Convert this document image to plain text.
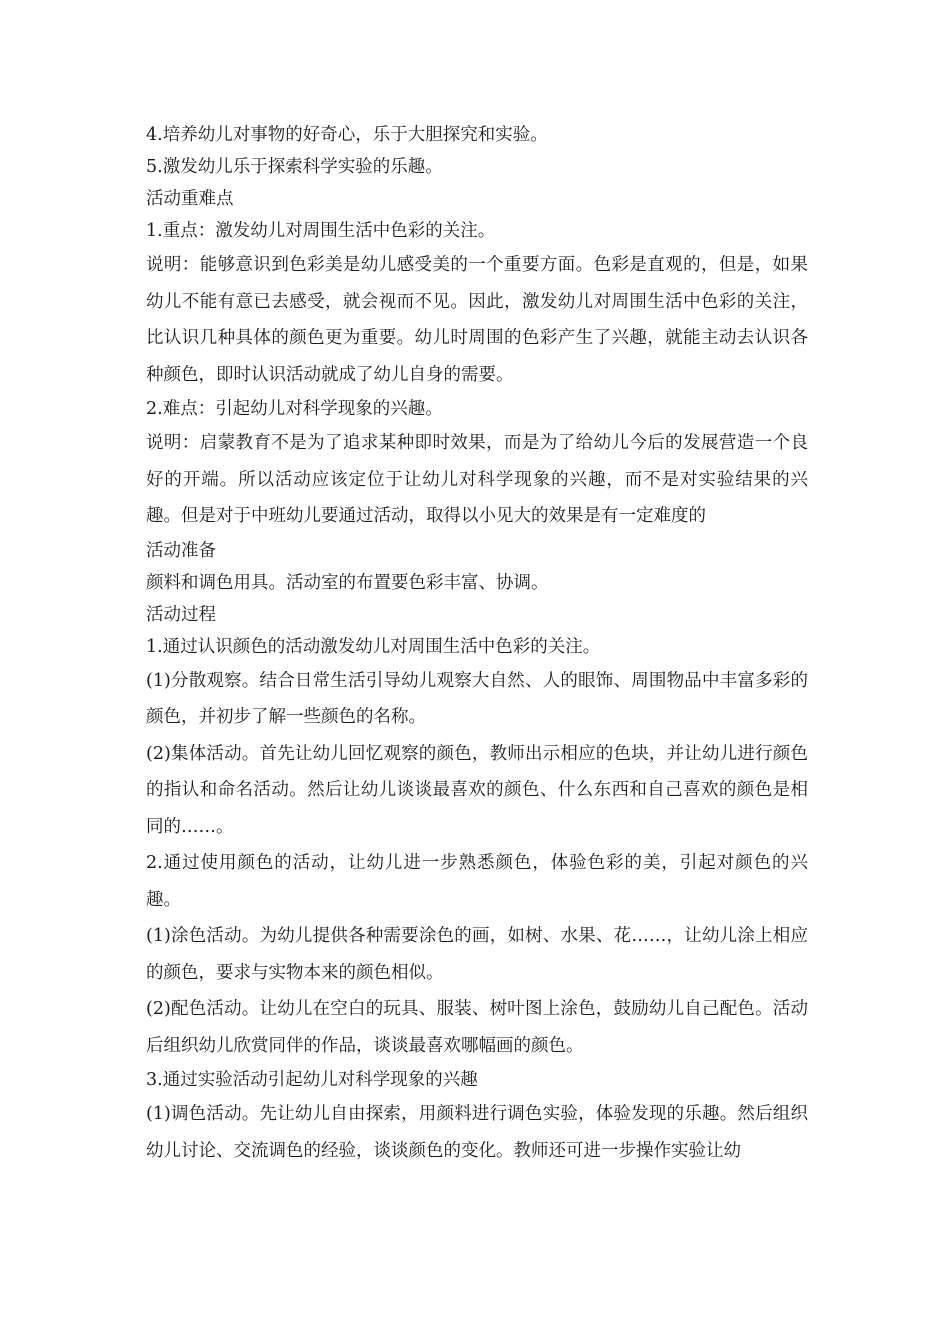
4.培养幼儿对事物的好奇心，乐于大胆探究和实验。

5.激发幼儿乐于探索科学实验的乐趣。

活动重难点

1.重点：激发幼儿对周围生活中色彩的关注。

说明：能够意识到色彩美是幼儿感受美的一个重要方面。色彩是直观的，但是，如果幼儿不能有意已去感受，就会视而不见。因此，激发幼儿对周围生活中色彩的关注，比认识几种具体的颜色更为重要。幼儿时周围的色彩产生了兴趣，就能主动去认识各种颜色，即时认识活动就成了幼儿自身的需要。

2.难点：引起幼儿对科学现象的兴趣。

说明：启蒙教育不是为了追求某种即时效果，而是为了给幼儿今后的发展营造一个良好的开端。所以活动应该定位于让幼儿对科学现象的兴趣，而不是对实验结果的兴趣。但是对于中班幼儿要通过活动，取得以小见大的效果是有一定难度的

活动准备

颜料和调色用具。活动室的布置要色彩丰富、协调。

活动过程

1.通过认识颜色的活动激发幼儿对周围生活中色彩的关注。

(1)分散观察。结合日常生活引导幼儿观察大自然、人的眼饰、周围物品中丰富多彩的颜色，并初步了解一些颜色的名称。

(2)集体活动。首先让幼儿回忆观察的颜色，教师出示相应的色块，并让幼儿进行颜色的指认和命名活动。然后让幼儿谈谈最喜欢的颜色、什么东西和自己喜欢的颜色是相同的……。

2.通过使用颜色的活动，让幼儿进一步熟悉颜色，体验色彩的美，引起对颜色的兴趣。

(1)涂色活动。为幼儿提供各种需要涂色的画，如树、水果、花……，让幼儿涂上相应的颜色，要求与实物本来的颜色相似。

(2)配色活动。让幼儿在空白的玩具、服装、树叶图上涂色，鼓励幼儿自己配色。活动后组织幼儿欣赏同伴的作品，谈谈最喜欢哪幅画的颜色。

3.通过实验活动引起幼儿对科学现象的兴趣

(1)调色活动。先让幼儿自由探索，用颜料进行调色实验，体验发现的乐趣。然后组织幼儿讨论、交流调色的经验，谈谈颜色的变化。教师还可进一步操作实验让幼
